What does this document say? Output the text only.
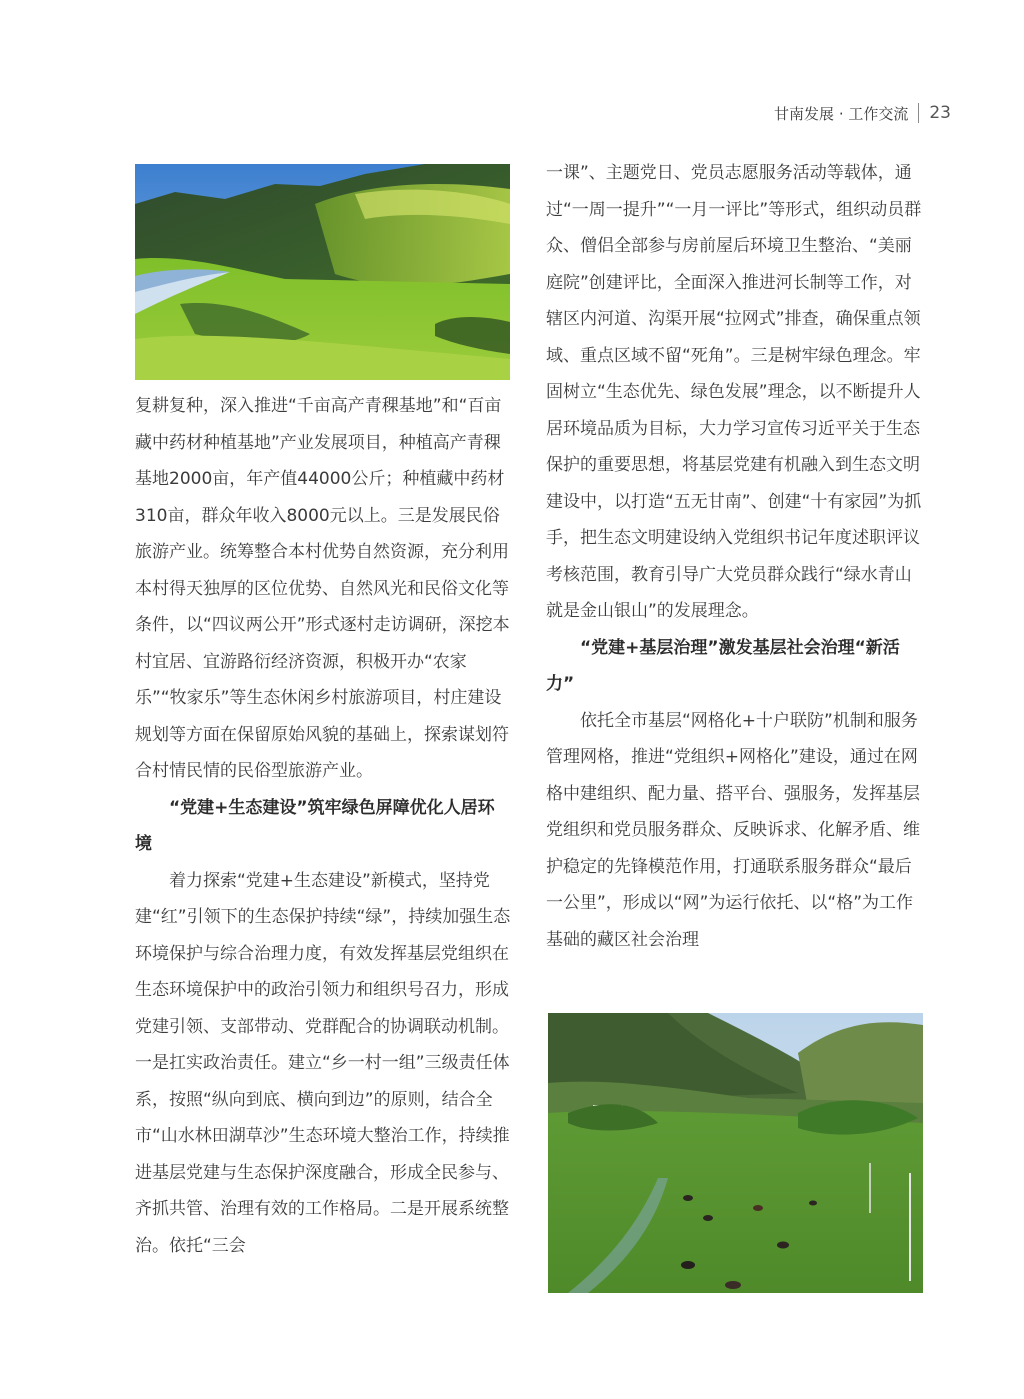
甘南发展 · 工作交流 23

复耕复种，深入推进“千亩高产青稞基地”和“百亩藏中药材种植基地”产业发展项目，种植高产青稞基地2000亩，年产值44000公斤；种植藏中药材310亩，群众年收入8000元以上。三是发展民俗旅游产业。统筹整合本村优势自然资源，充分利用本村得天独厚的区位优势、自然风光和民俗文化等条件，以“四议两公开”形式逐村走访调研，深挖本村宜居、宜游路衍经济资源，积极开办“农家乐”“牧家乐”等生态休闲乡村旅游项目，村庄建设规划等方面在保留原始风貌的基础上，探索谋划符合村情民情的民俗型旅游产业。

“党建+生态建设”筑牢绿色屏障优化人居环境

着力探索“党建+生态建设”新模式，坚持党建“红”引领下的生态保护持续“绿”，持续加强生态环境保护与综合治理力度，有效发挥基层党组织在生态环境保护中的政治引领力和组织号召力，形成党建引领、支部带动、党群配合的协调联动机制。一是扛实政治责任。建立“乡一村一组”三级责任体系，按照“纵向到底、横向到边”的原则，结合全市“山水林田湖草沙”生态环境大整治工作，持续推进基层党建与生态保护深度融合，形成全民参与、齐抓共管、治理有效的工作格局。二是开展系统整治。依托“三会

一课”、主题党日、党员志愿服务活动等载体，通过“一周一提升”“一月一评比”等形式，组织动员群众、僧侣全部参与房前屋后环境卫生整治、“美丽庭院”创建评比，全面深入推进河长制等工作，对辖区内河道、沟渠开展“拉网式”排查，确保重点领域、重点区域不留“死角”。三是树牢绿色理念。牢固树立“生态优先、绿色发展”理念，以不断提升人居环境品质为目标，大力学习宣传习近平关于生态保护的重要思想，将基层党建有机融入到生态文明建设中，以打造“五无甘南”、创建“十有家园”为抓手，把生态文明建设纳入党组织书记年度述职评议考核范围，教育引导广大党员群众践行“绿水青山就是金山银山”的发展理念。

“党建+基层治理”激发基层社会治理“新活力”

依托全市基层“网格化+十户联防”机制和服务管理网格，推进“党组织+网格化”建设，通过在网格中建组织、配力量、搭平台、强服务，发挥基层党组织和党员服务群众、反映诉求、化解矛盾、维护稳定的先锋模范作用，打通联系服务群众“最后一公里”，形成以“网”为运行依托、以“格”为工作基础的藏区社会治理
